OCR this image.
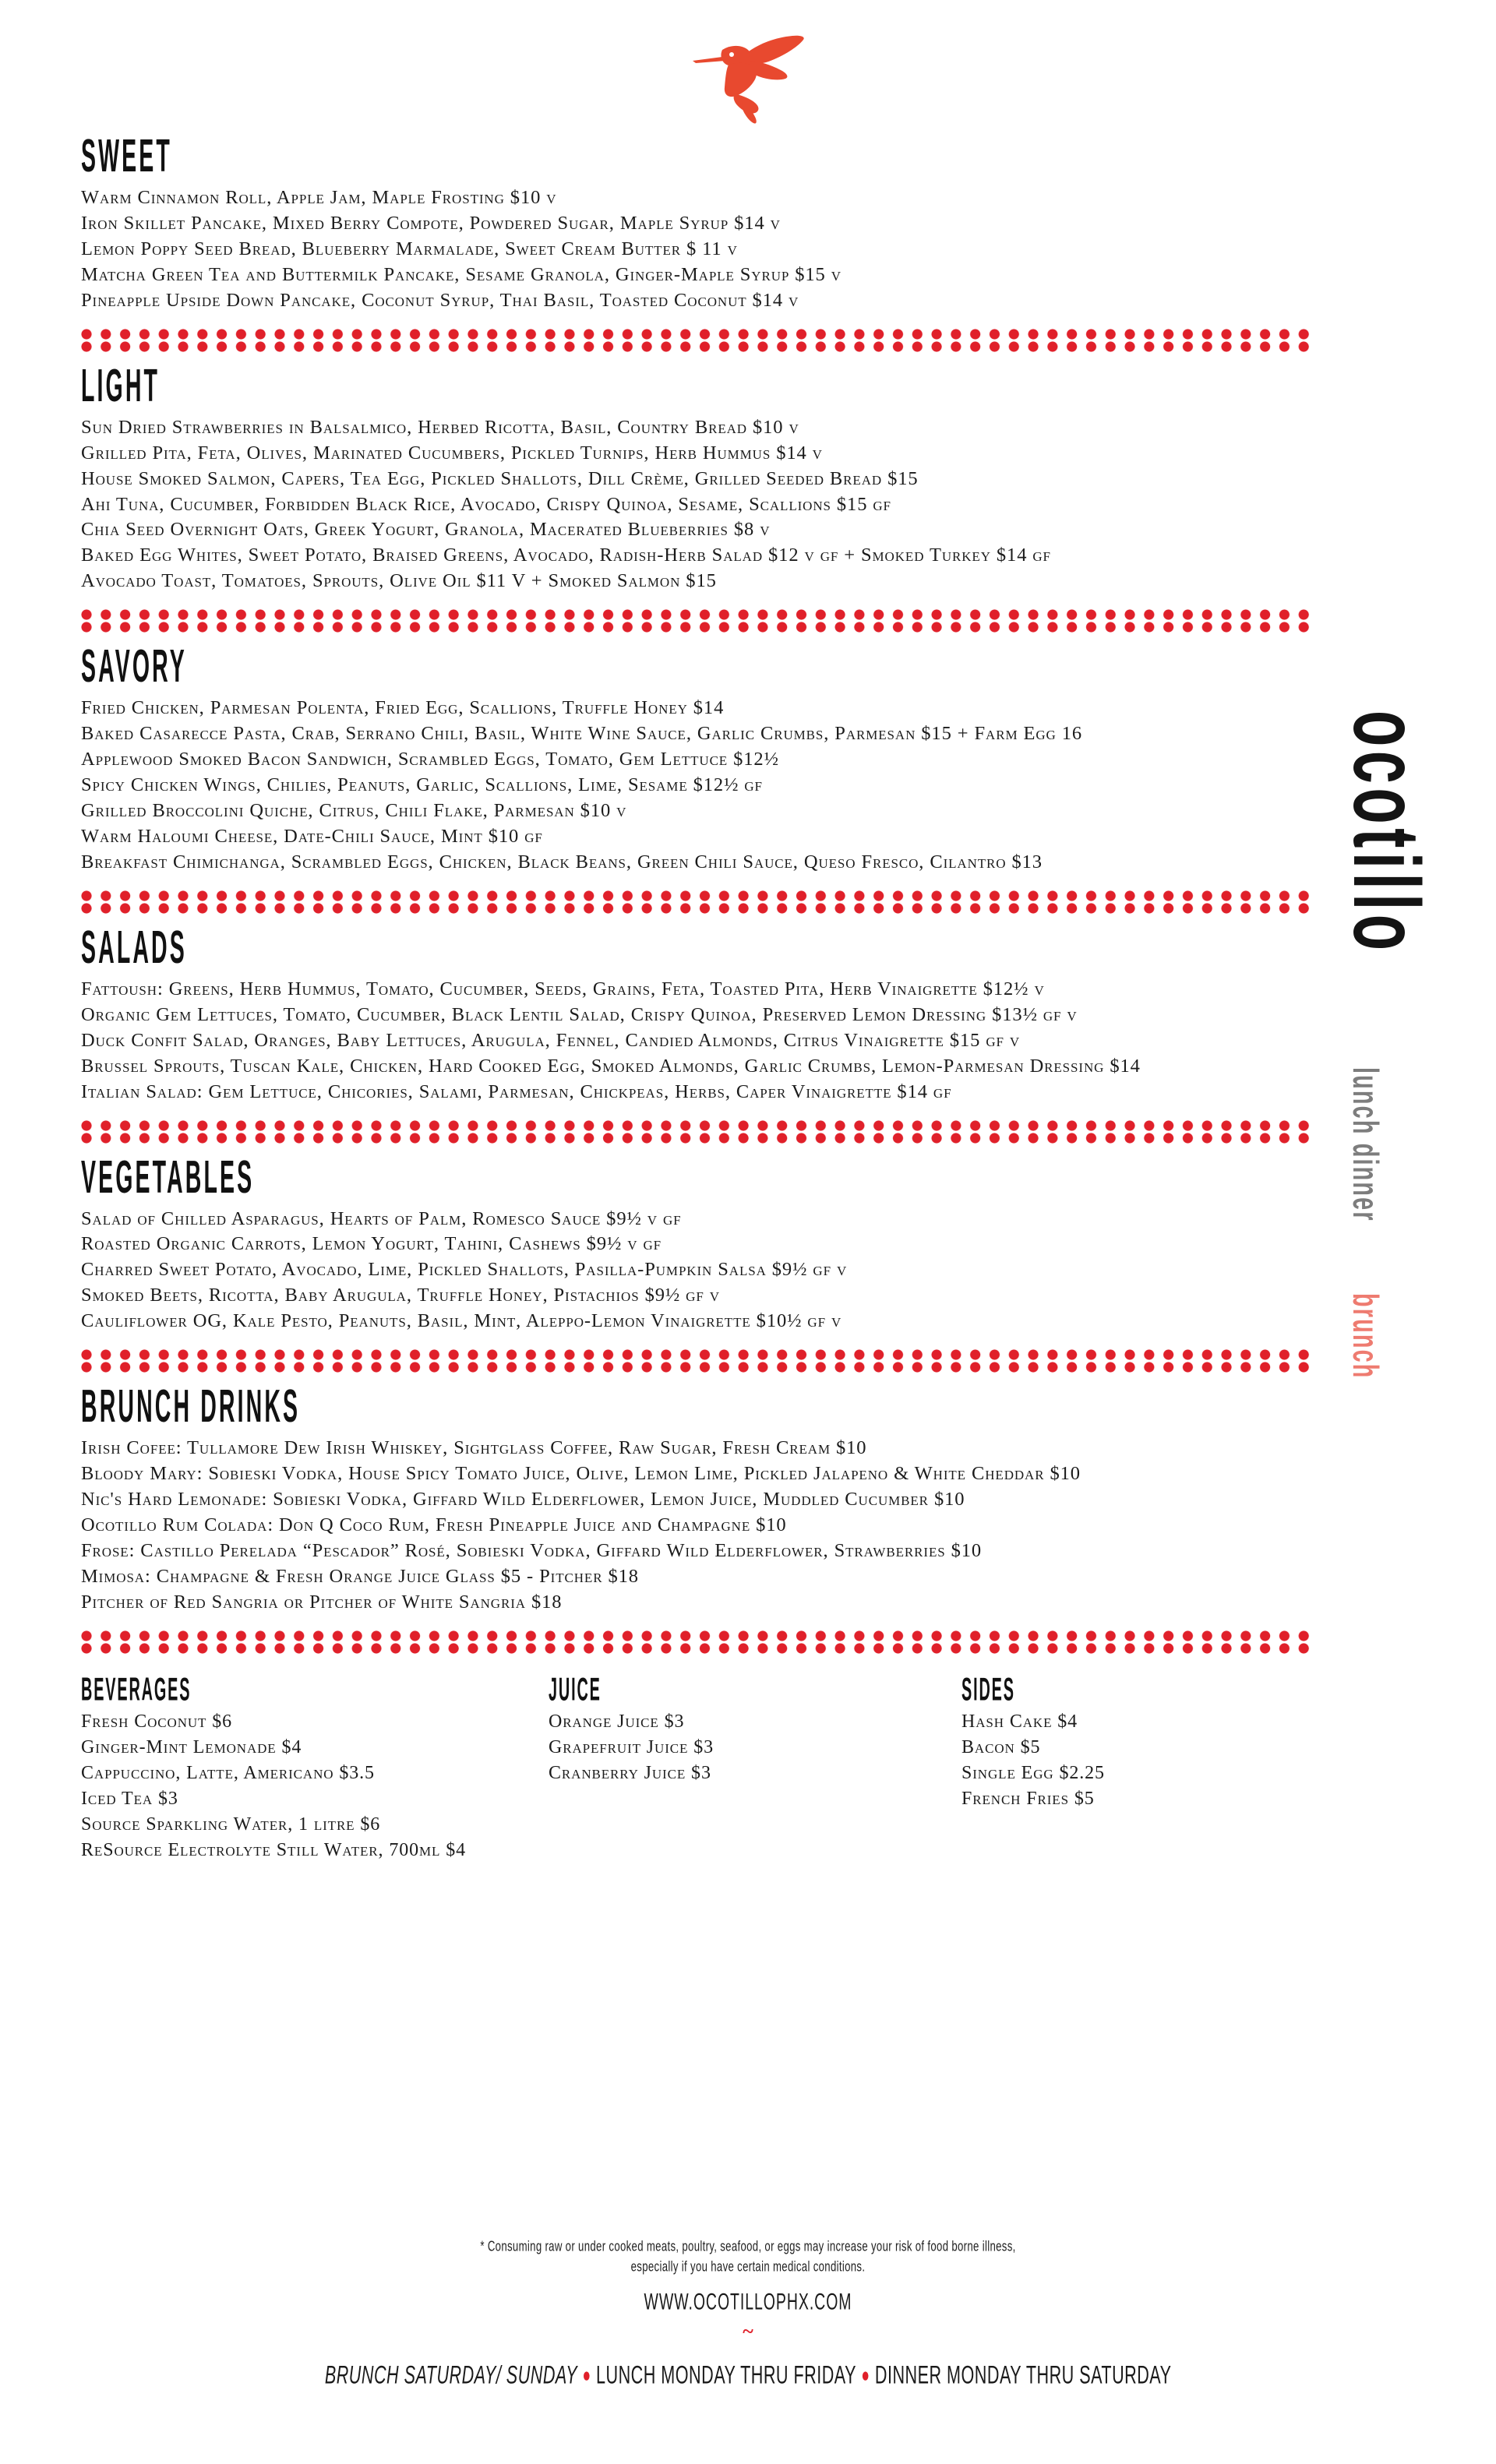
SWEET
Warm Cinnamon Roll, Apple Jam, Maple Frosting $10 v
Iron Skillet Pancake, Mixed Berry Compote, Powdered Sugar, Maple Syrup $14 v
Lemon Poppy Seed Bread, Blueberry Marmalade, Sweet Cream Butter $ 11 v
Matcha Green Tea and Buttermilk Pancake, Sesame Granola, Ginger-Maple Syrup $15 v
Pineapple Upside Down Pancake, Coconut Syrup, Thai Basil, Toasted Coconut $14 v
LIGHT
Sun Dried Strawberries in Balsalmico, Herbed Ricotta, Basil, Country Bread $10 v
Grilled Pita, Feta, Olives, Marinated Cucumbers, Pickled Turnips, Herb Hummus $14 v
House Smoked Salmon, Capers, Tea Egg, Pickled Shallots, Dill Crème, Grilled Seeded Bread $15
Ahi Tuna, Cucumber, Forbidden Black Rice, Avocado, Crispy Quinoa, Sesame, Scallions $15 gf
Chia Seed Overnight Oats, Greek Yogurt, Granola, Macerated Blueberries $8 v
Baked Egg Whites, Sweet Potato, Braised Greens, Avocado, Radish-Herb Salad $12 v gf + Smoked Turkey $14 gf
Avocado Toast, Tomatoes, Sprouts, Olive Oil $11 V + Smoked Salmon $15
SAVORY
Fried Chicken, Parmesan Polenta, Fried Egg, Scallions, Truffle Honey $14
Baked Casarecce Pasta, Crab, Serrano Chili, Basil, White Wine Sauce, Garlic Crumbs, Parmesan $15 + Farm Egg 16
Applewood Smoked Bacon Sandwich, Scrambled Eggs, Tomato, Gem Lettuce $12½
Spicy Chicken Wings, Chilies, Peanuts, Garlic, Scallions, Lime, Sesame $12½ gf
Grilled Broccolini Quiche, Citrus, Chili Flake, Parmesan $10 v
Warm Haloumi Cheese, Date-Chili Sauce, Mint $10 gf
Breakfast Chimichanga, Scrambled Eggs, Chicken, Black Beans, Green Chili Sauce, Queso Fresco, Cilantro $13
SALADS
Fattoush: Greens, Herb Hummus, Tomato, Cucumber, Seeds, Grains, Feta, Toasted Pita, Herb Vinaigrette $12½ v
Organic Gem Lettuces, Tomato, Cucumber, Black Lentil Salad, Crispy Quinoa, Preserved Lemon Dressing $13½ gf v
Duck Confit Salad, Oranges, Baby Lettuces, Arugula, Fennel, Candied Almonds, Citrus Vinaigrette $15 gf v
Brussel Sprouts, Tuscan Kale, Chicken, Hard Cooked Egg, Smoked Almonds, Garlic Crumbs, Lemon-Parmesan Dressing $14
Italian Salad: Gem Lettuce, Chicories, Salami, Parmesan, Chickpeas, Herbs, Caper Vinaigrette $14 gf
VEGETABLES
Salad of Chilled Asparagus, Hearts of Palm, Romesco Sauce $9½ v gf
Roasted Organic Carrots, Lemon Yogurt, Tahini, Cashews $9½ v gf
Charred Sweet Potato, Avocado, Lime, Pickled Shallots, Pasilla-Pumpkin Salsa $9½ gf v
Smoked Beets, Ricotta, Baby Arugula, Truffle Honey, Pistachios $9½ gf v
Cauliflower OG, Kale Pesto, Peanuts, Basil, Mint, Aleppo-Lemon Vinaigrette $10½ gf v
BRUNCH DRINKS
Irish Cofee: Tullamore Dew Irish Whiskey, Sightglass Coffee, Raw Sugar, Fresh Cream $10
Bloody Mary: Sobieski Vodka, House Spicy Tomato Juice, Olive, Lemon Lime, Pickled Jalapeno & White Cheddar $10
Nic's Hard Lemonade: Sobieski Vodka, Giffard Wild Elderflower, Lemon Juice, Muddled Cucumber $10
Ocotillo Rum Colada: Don Q Coco Rum, Fresh Pineapple Juice and Champagne $10
Frose: Castillo Perelada “Pescador” Rosé, Sobieski Vodka, Giffard Wild Elderflower, Strawberries $10
Mimosa: Champagne & Fresh Orange Juice Glass $5 - Pitcher $18
Pitcher of Red Sangria or Pitcher of White Sangria $18
BEVERAGES
Fresh Coconut $6
Ginger-Mint Lemonade $4
Cappuccino, Latte, Americano $3.5
Iced Tea $3
Source Sparkling Water, 1 litre $6
ReSource Electrolyte Still Water, 700ml $4
JUICE
Orange Juice $3
Grapefruit Juice $3
Cranberry Juice $3
SIDES
Hash Cake $4
Bacon $5
Single Egg $2.25
French Fries $5
* Consuming raw or under cooked meats, poultry, seafood, or eggs may increase your risk of food borne illness,
especially if you have certain medical conditions.
WWW.OCOTILLOPHX.COM
~
BRUNCH SATURDAY/ SUNDAY ● LUNCH MONDAY THRU FRIDAY ● DINNER MONDAY THRU SATURDAY
ocotillo
lunch dinner
brunch
